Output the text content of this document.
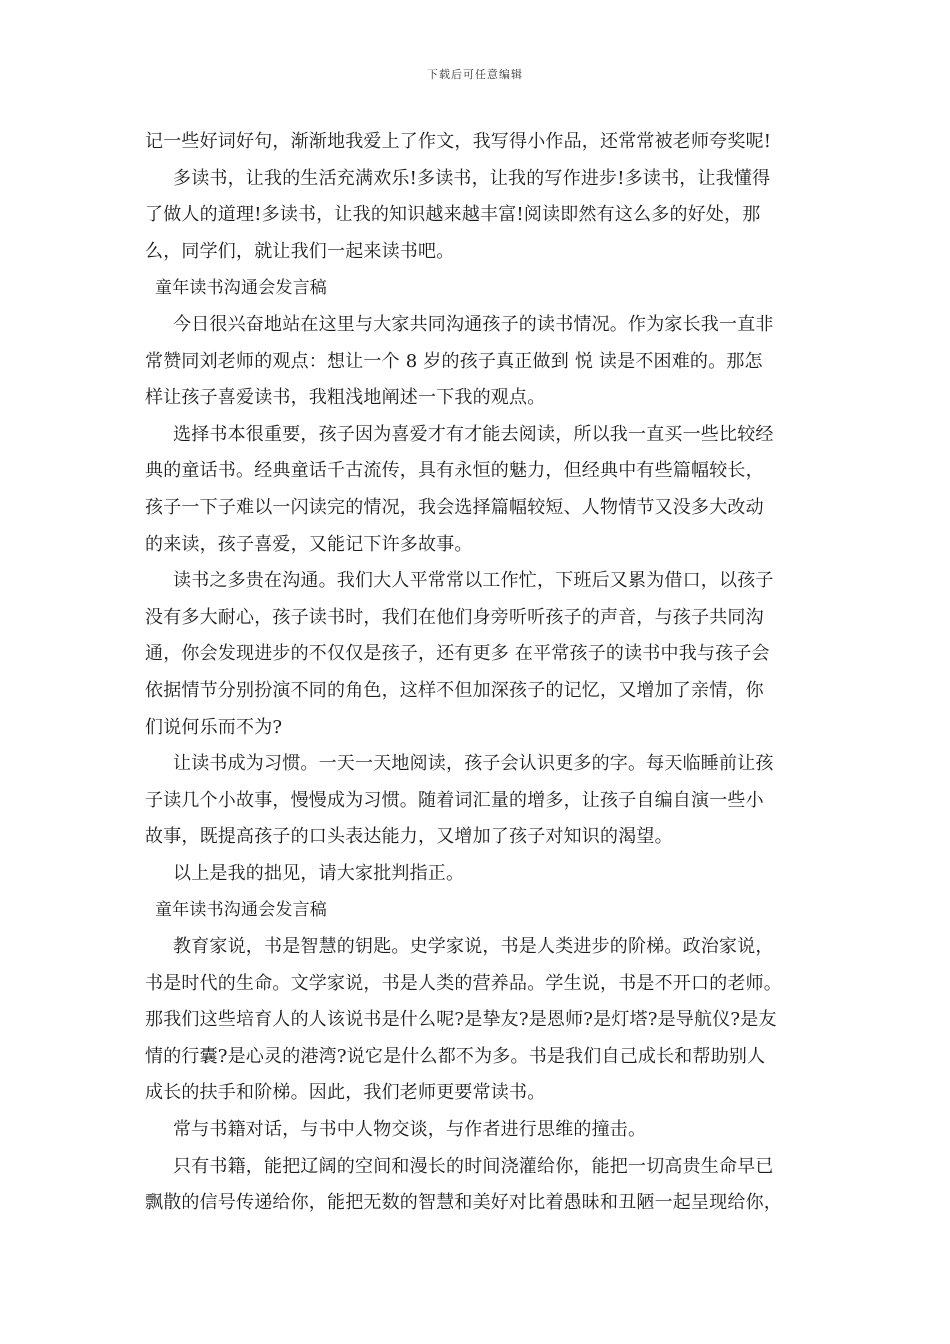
下载后可任意编辑
记一些好词好句，渐渐地我爱上了作文，我写得小作品，还常常被老师夸奖呢!
多读书，让我的生活充满欢乐!多读书，让我的写作进步!多读书，让我懂得
了做人的道理!多读书，让我的知识越来越丰富!阅读即然有这么多的好处，那
么，同学们，就让我们一起来读书吧。
童年读书沟通会发言稿
今日很兴奋地站在这里与大家共同沟通孩子的读书情况。作为家长我一直非
常赞同刘老师的观点：想让一个 8 岁的孩子真正做到 悦 读是不困难的。那怎
样让孩子喜爱读书，我粗浅地阐述一下我的观点。
选择书本很重要，孩子因为喜爱才有才能去阅读，所以我一直买一些比较经
典的童话书。经典童话千古流传，具有永恒的魅力，但经典中有些篇幅较长，
孩子一下子难以一闪读完的情况，我会选择篇幅较短、人物情节又没多大改动
的来读，孩子喜爱，又能记下许多故事。
读书之多贵在沟通。我们大人平常常以工作忙，下班后又累为借口，以孩子
没有多大耐心，孩子读书时，我们在他们身旁听听孩子的声音，与孩子共同沟
通，你会发现进步的不仅仅是孩子，还有更多 在平常孩子的读书中我与孩子会
依据情节分别扮演不同的角色，这样不但加深孩子的记忆，又增加了亲情，你
们说何乐而不为?
让读书成为习惯。一天一天地阅读，孩子会认识更多的字。每天临睡前让孩
子读几个小故事，慢慢成为习惯。随着词汇量的增多，让孩子自编自演一些小
故事，既提高孩子的口头表达能力，又增加了孩子对知识的渴望。
以上是我的拙见，请大家批判指正。
童年读书沟通会发言稿
教育家说，书是智慧的钥匙。史学家说，书是人类进步的阶梯。政治家说，
书是时代的生命。文学家说，书是人类的营养品。学生说，书是不开口的老师。
那我们这些培育人的人该说书是什么呢?是挚友?是恩师?是灯塔?是导航仪?是友
情的行囊?是心灵的港湾?说它是什么都不为多。书是我们自己成长和帮助别人
成长的扶手和阶梯。因此，我们老师更要常读书。
常与书籍对话，与书中人物交谈，与作者进行思维的撞击。
只有书籍，能把辽阔的空间和漫长的时间浇灌给你，能把一切高贵生命早已
飘散的信号传递给你，能把无数的智慧和美好对比着愚昧和丑陋一起呈现给你，
